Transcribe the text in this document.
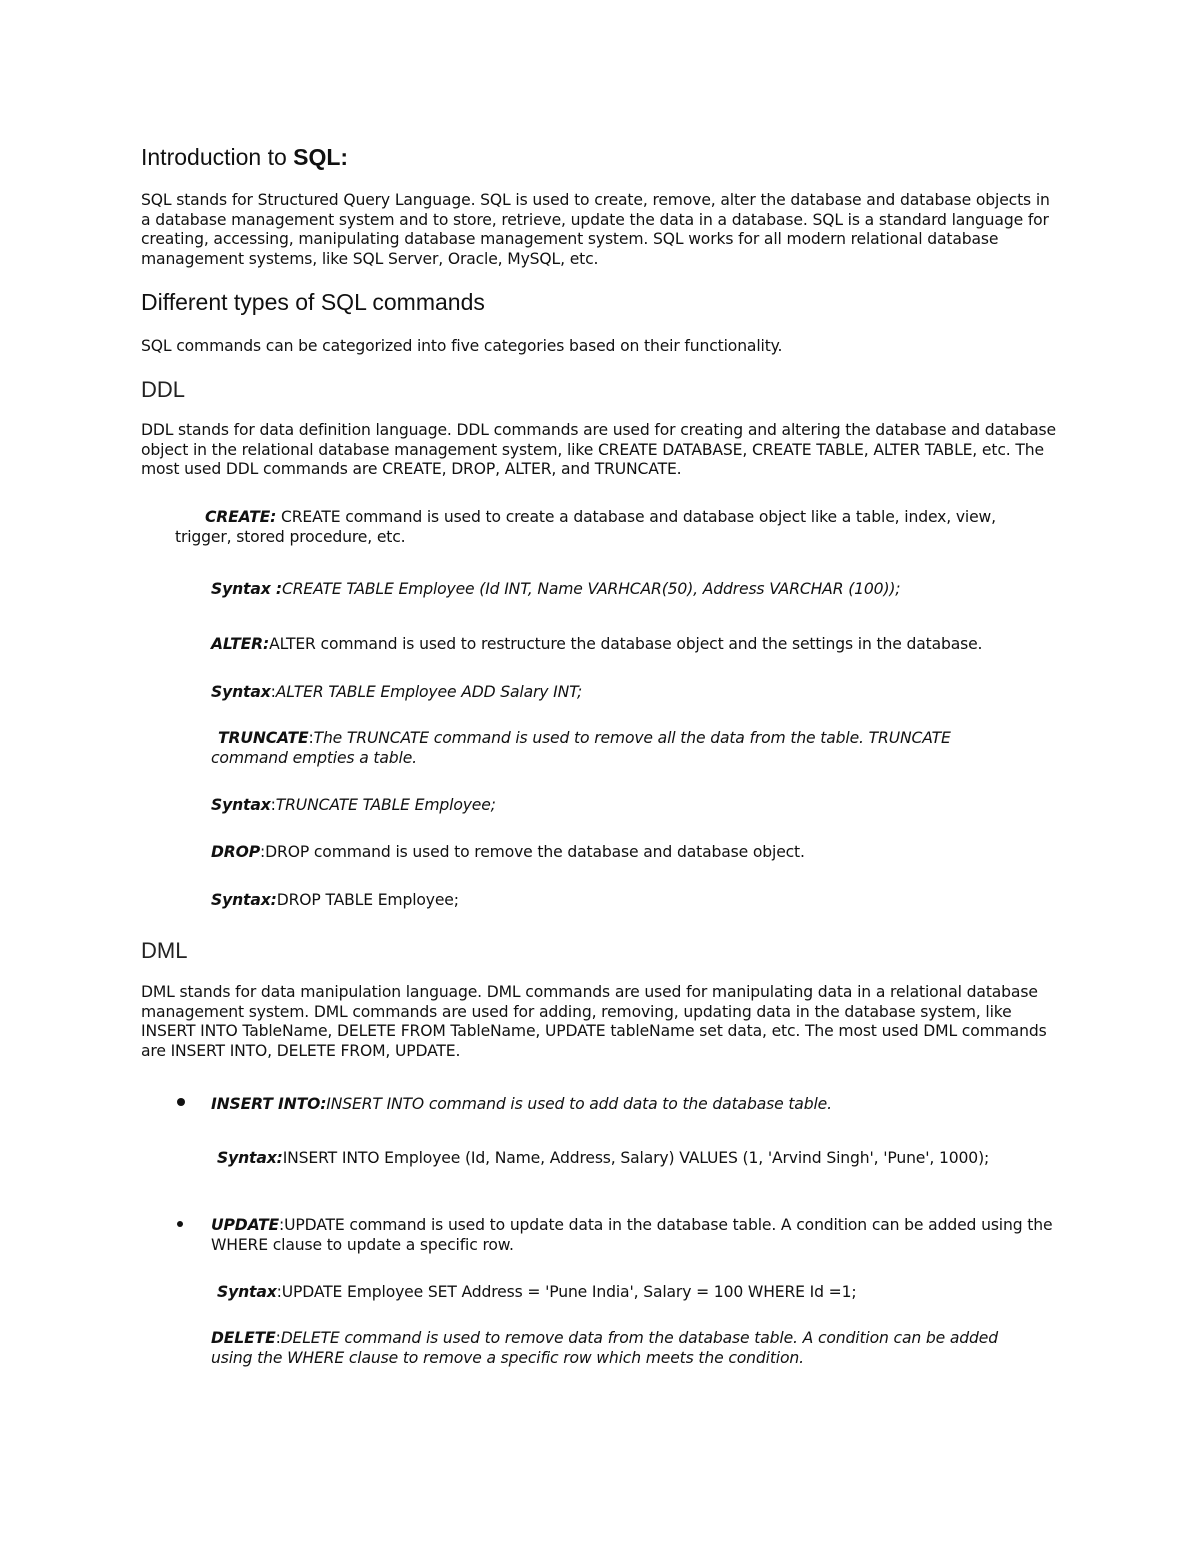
Introduction to SQL:

SQL stands for Structured Query Language. SQL is used to create, remove, alter the database and database objects in a database management system and to store, retrieve, update the data in a database. SQL is a standard language for creating, accessing, manipulating database management system. SQL works for all modern relational database management systems, like SQL Server, Oracle, MySQL, etc.

Different types of SQL commands

SQL commands can be categorized into five categories based on their functionality.

DDL

DDL stands for data definition language. DDL commands are used for creating and altering the database and database object in the relational database management system, like CREATE DATABASE, CREATE TABLE, ALTER TABLE, etc. The most used DDL commands are CREATE, DROP, ALTER, and TRUNCATE.

CREATE: CREATE command is used to create a database and database object like a table, index, view, trigger, stored procedure, etc.

Syntax :CREATE TABLE Employee (Id INT, Name VARHCAR(50), Address VARCHAR (100));

ALTER:ALTER command is used to restructure the database object and the settings in the database.

Syntax:ALTER TABLE Employee ADD Salary INT;

TRUNCATE:The TRUNCATE command is used to remove all the data from the table. TRUNCATE command empties a table.

Syntax:TRUNCATE TABLE Employee;

DROP:DROP command is used to remove the database and database object.

Syntax:DROP TABLE Employee;

DML

DML stands for data manipulation language. DML commands are used for manipulating data in a relational database management system. DML commands are used for adding, removing, updating data in the database system, like INSERT INTO TableName, DELETE FROM TableName, UPDATE tableName set data, etc. The most used DML commands are INSERT INTO, DELETE FROM, UPDATE.

INSERT INTO:INSERT INTO command is used to add data to the database table.

Syntax:INSERT INTO Employee (Id, Name, Address, Salary) VALUES (1, 'Arvind Singh', 'Pune', 1000);

UPDATE:UPDATE command is used to update data in the database table. A condition can be added using the WHERE clause to update a specific row.

Syntax:UPDATE Employee SET Address = 'Pune India', Salary = 100 WHERE Id =1;

DELETE:DELETE command is used to remove data from the database table. A condition can be added using the WHERE clause to remove a specific row which meets the condition.
